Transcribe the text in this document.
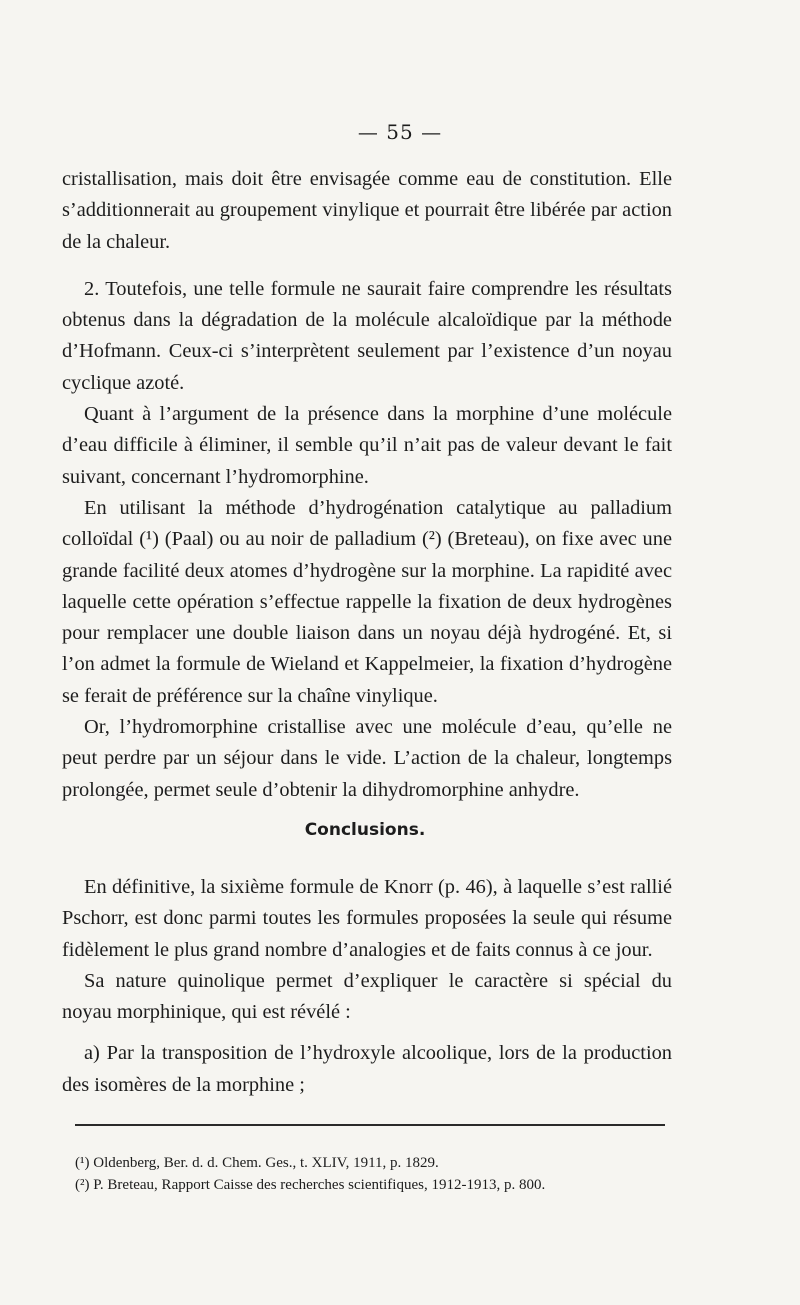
— 55 —

cristallisation, mais doit être envisagée comme eau de constitution. Elle s’additionnerait au groupement vinylique et pourrait être libérée par action de la chaleur.

2. Toutefois, une telle formule ne saurait faire comprendre les résultats obtenus dans la dégradation de la molécule alcaloïdique par la méthode d’Hofmann. Ceux-ci s’interprètent seulement par l’existence d’un noyau cyclique azoté.

Quant à l’argument de la présence dans la morphine d’une molécule d’eau difficile à éliminer, il semble qu’il n’ait pas de valeur devant le fait suivant, concernant l’hydromorphine.

En utilisant la méthode d’hydrogénation catalytique au palladium colloïdal (¹) (Paal) ou au noir de palladium (²) (Breteau), on fixe avec une grande facilité deux atomes d’hydrogène sur la morphine. La rapidité avec laquelle cette opération s’effectue rappelle la fixation de deux hydrogènes pour remplacer une double liaison dans un noyau déjà hydrogéné. Et, si l’on admet la formule de Wieland et Kappelmeier, la fixation d’hydrogène se ferait de préférence sur la chaîne vinylique.

Or, l’hydromorphine cristallise avec une molécule d’eau, qu’elle ne peut perdre par un séjour dans le vide. L’action de la chaleur, longtemps prolongée, permet seule d’obtenir la dihydromorphine anhydre.

Conclusions.

En définitive, la sixième formule de Knorr (p. 46), à laquelle s’est rallié Pschorr, est donc parmi toutes les formules proposées la seule qui résume fidèlement le plus grand nombre d’analogies et de faits connus à ce jour.

Sa nature quinolique permet d’expliquer le caractère si spécial du noyau morphinique, qui est révélé :

a) Par la transposition de l’hydroxyle alcoolique, lors de la production des isomères de la morphine ;

(¹) Oldenberg, Ber. d. d. Chem. Ges., t. XLIV, 1911, p. 1829.
(²) P. Breteau, Rapport Caisse des recherches scientifiques, 1912-1913, p. 800.
